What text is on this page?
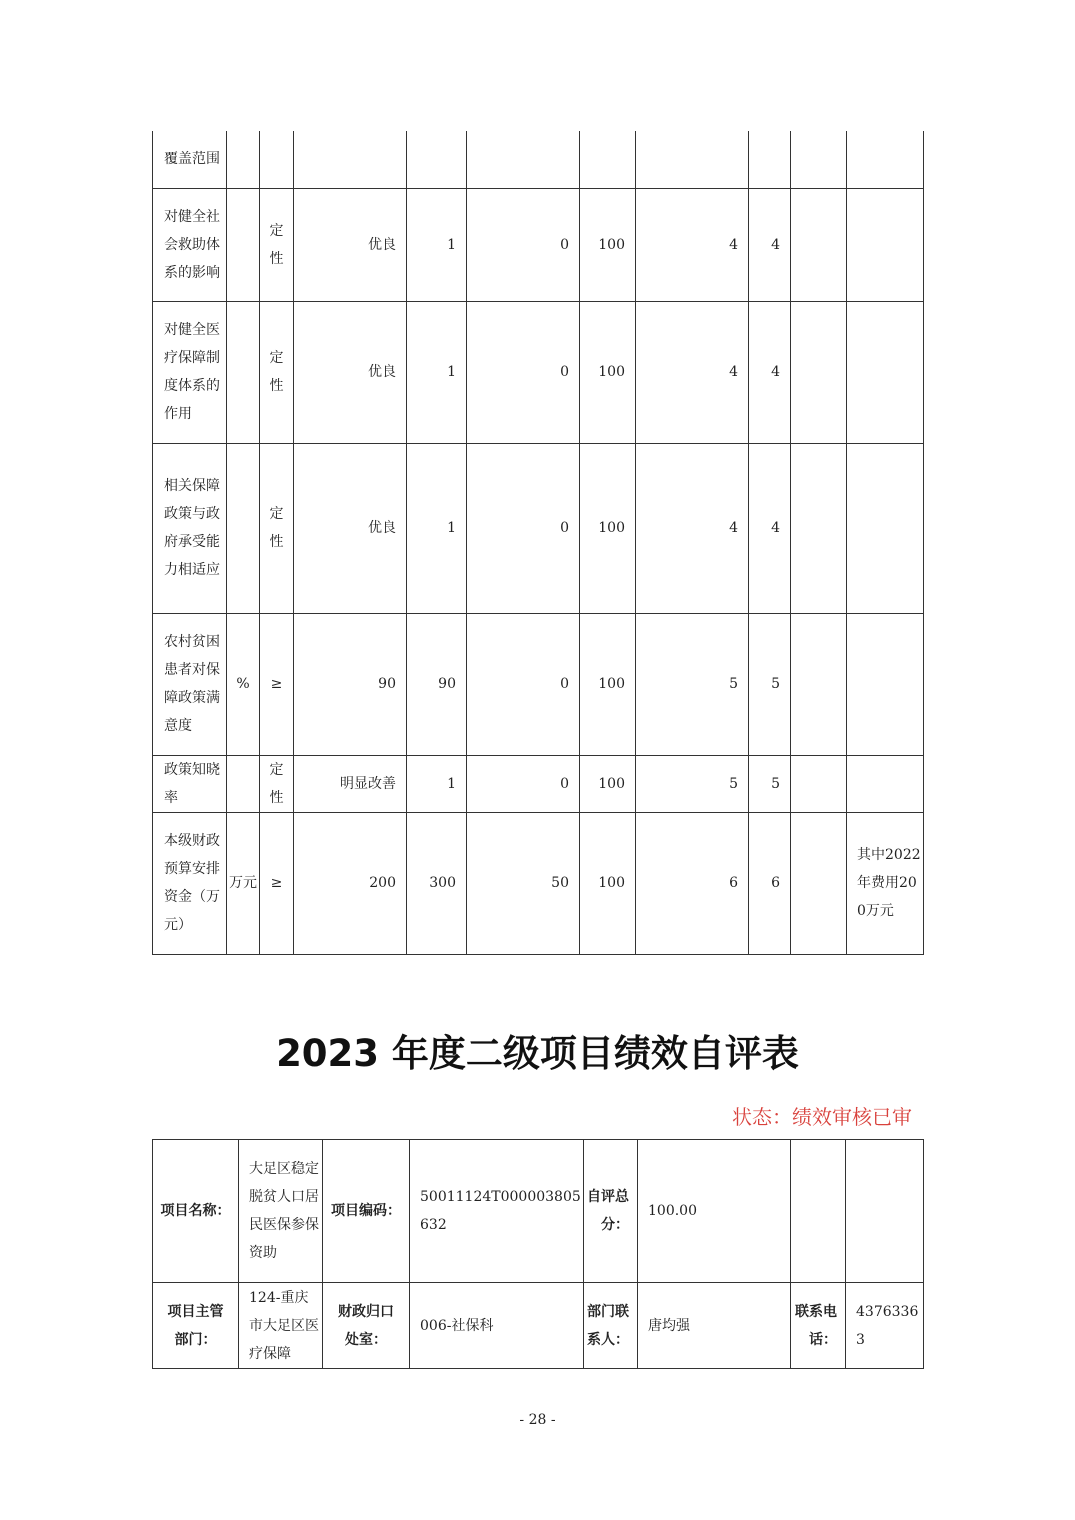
覆盖范围										
对健全社会救助体系的影响		定性	优良	1	0	100	4	4		
对健全医疗保障制度体系的作用		定性	优良	1	0	100	4	4		
相关保障政策与政府承受能力相适应		定性	优良	1	0	100	4	4		
农村贫困患者对保障政策满意度	%	≥	90	90	0	100	5	5		
政策知晓率		定性	明显改善	1	0	100	5	5		
本级财政预算安排资金（万元）	万元	≥	200	300	50	100	6	6		其中2022年费用200万元
2023 年度二级项目绩效自评表
状态：绩效审核已审
项目名称：	大足区稳定脱贫人口居民医保参保资助	项目编码：	50011124T000003805632	自评总分：	100.00		
项目主管部门：	124-重庆市大足区医疗保障	财政归口处室：	006-社保科	部门联系人：	唐均强	联系电话：	43763363
- 28 -
